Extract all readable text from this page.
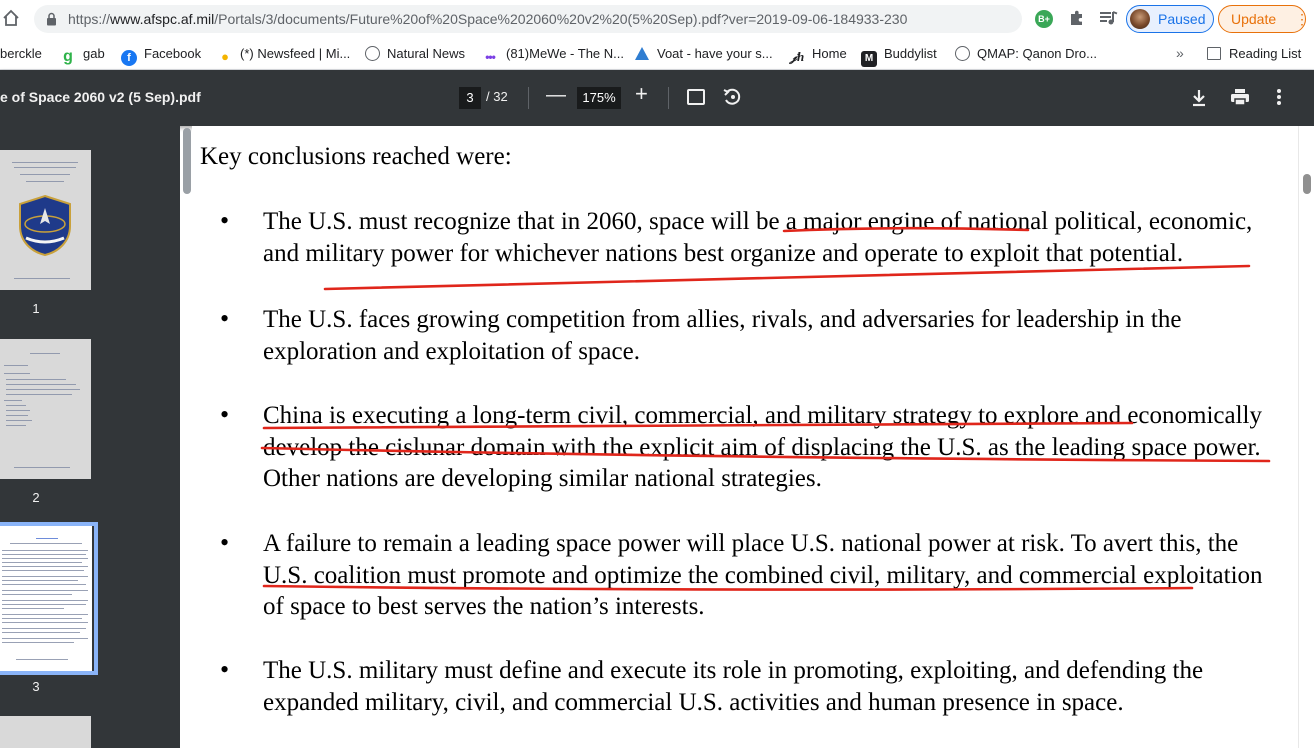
https://www.afspc.af.mil/Portals/3/documents/Future%20of%20Space%202060%20v2%20(5%20Sep).pdf?ver=2019-09-06-184933-230	B+	Paused Update ⋮
berckle g gab	f Facebook	● (*) Newsfeed | Mi...	Natural News	••• (81)MeWe - The N...	Voat - have your s... 𝒿h Home	M Buddylist	QMAP: Qanon Dro...	»	Reading List
e of Space 2060 v2 (5 Sep).pdf	3 / 32 —	175% +
1
2
3
Key conclusions reached were:
• The U.S. must recognize that in 2060, space will be a major engine of national political, economic,
and military power for whichever nations best organize and operate to exploit that potential.
• The U.S. faces growing competition from allies, rivals, and adversaries for leadership in the
exploration and exploitation of space.
• China is executing a long-term civil, commercial, and military strategy to explore and economically
develop the cislunar domain with the explicit aim of displacing the U.S. as the leading space power.
Other nations are developing similar national strategies.
• A failure to remain a leading space power will place U.S. national power at risk. To avert this, the
U.S. coalition must promote and optimize the combined civil, military, and commercial exploitation
of space to best serves the nation’s interests.
• The U.S. military must define and execute its role in promoting, exploiting, and defending the
expanded military, civil, and commercial U.S. activities and human presence in space.
